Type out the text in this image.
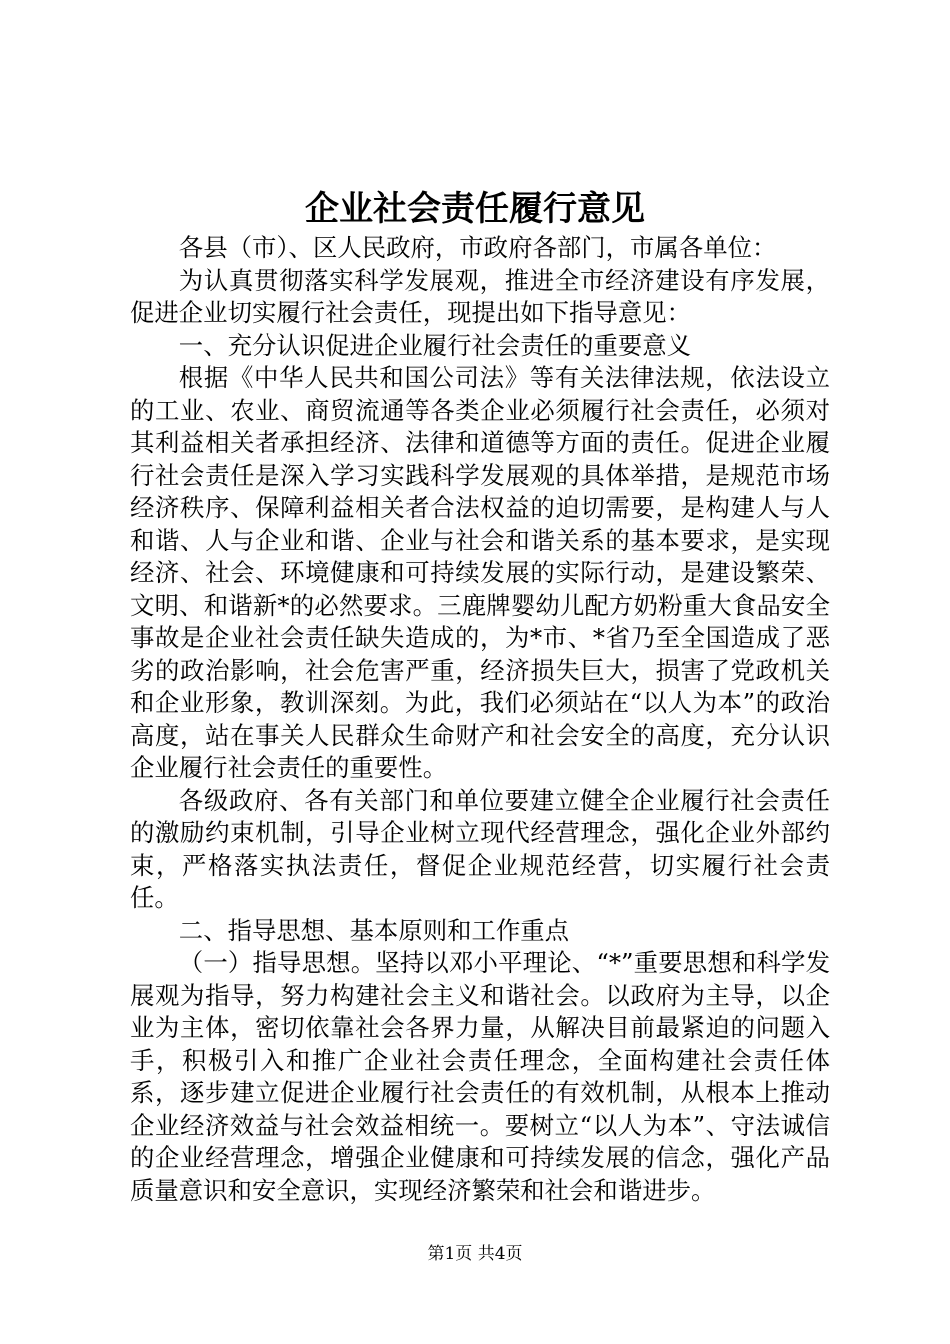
企业社会责任履行意见

各县（市）、区人民政府，市政府各部门，市属各单位：

为认真贯彻落实科学发展观，推进全市经济建设有序发展，促进企业切实履行社会责任，现提出如下指导意见：

一、充分认识促进企业履行社会责任的重要意义

根据《中华人民共和国公司法》等有关法律法规，依法设立的工业、农业、商贸流通等各类企业必须履行社会责任，必须对其利益相关者承担经济、法律和道德等方面的责任。促进企业履行社会责任是深入学习实践科学发展观的具体举措，是规范市场经济秩序、保障利益相关者合法权益的迫切需要，是构建人与人和谐、人与企业和谐、企业与社会和谐关系的基本要求，是实现经济、社会、环境健康和可持续发展的实际行动，是建设繁荣、文明、和谐新*的必然要求。三鹿牌婴幼儿配方奶粉重大食品安全事故是企业社会责任缺失造成的，为*市、*省乃至全国造成了恶劣的政治影响，社会危害严重，经济损失巨大，损害了党政机关和企业形象，教训深刻。为此，我们必须站在“以人为本”的政治高度，站在事关人民群众生命财产和社会安全的高度，充分认识企业履行社会责任的重要性。

各级政府、各有关部门和单位要建立健全企业履行社会责任的激励约束机制，引导企业树立现代经营理念，强化企业外部约束，严格落实执法责任，督促企业规范经营，切实履行社会责任。

二、指导思想、基本原则和工作重点

（一）指导思想。坚持以邓小平理论、“*”重要思想和科学发展观为指导，努力构建社会主义和谐社会。以政府为主导，以企业为主体，密切依靠社会各界力量，从解决目前最紧迫的问题入手，积极引入和推广企业社会责任理念，全面构建社会责任体系，逐步建立促进企业履行社会责任的有效机制，从根本上推动企业经济效益与社会效益相统一。要树立“以人为本”、守法诚信的企业经营理念，增强企业健康和可持续发展的信念，强化产品质量意识和安全意识，实现经济繁荣和社会和谐进步。

第1页 共4页
